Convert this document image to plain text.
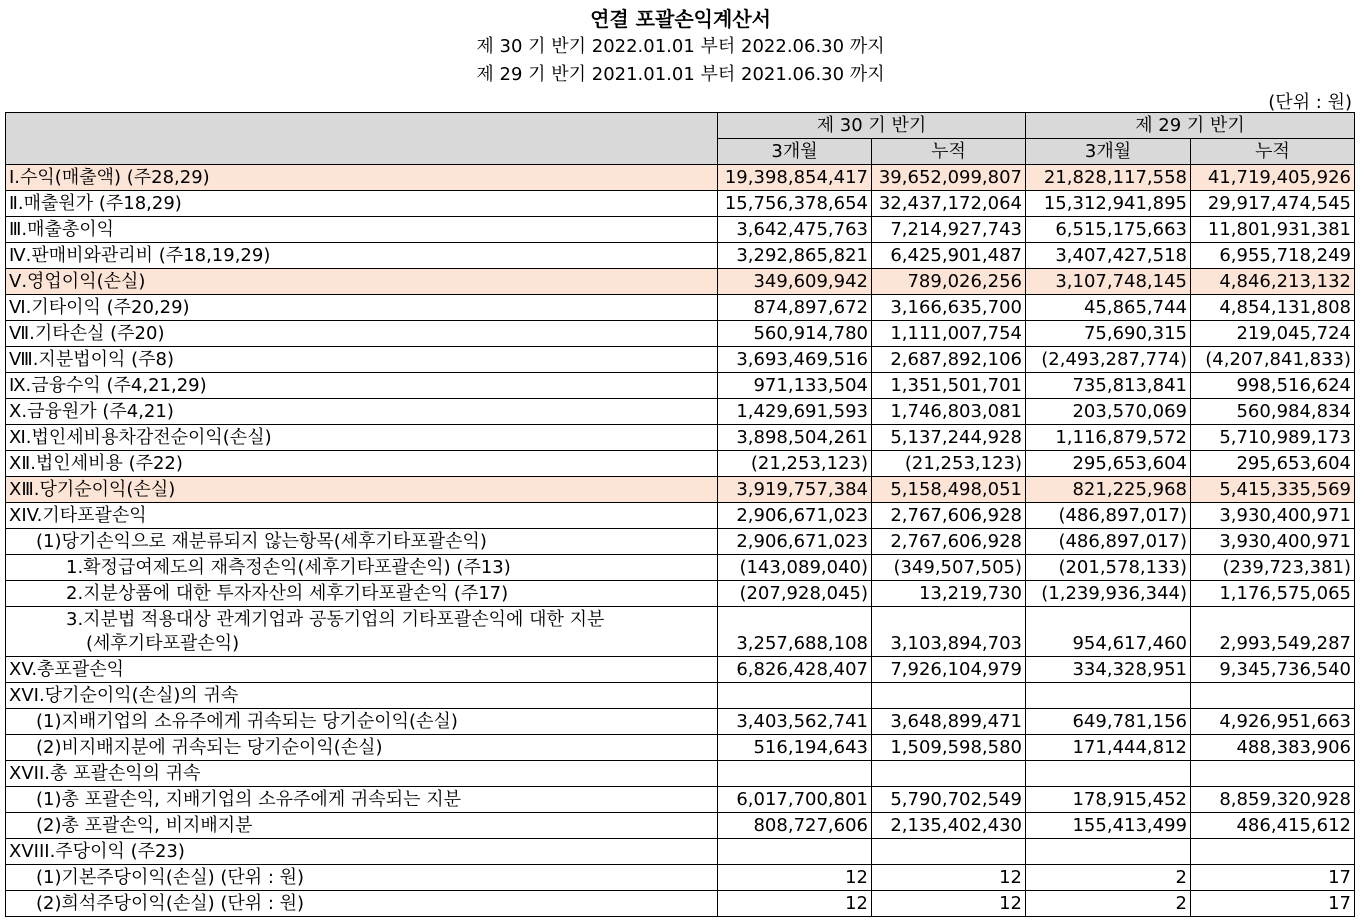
연결 포괄손익계산서
제 30 기 반기 2022.01.01 부터 2022.06.30 까지
제 29 기 반기 2021.01.01 부터 2021.06.30 까지
(단위 : 원)
	제 30 기 반기		제 29 기 반기	
	3개월	누적	3개월	누적
Ⅰ.수익(매출액) (주28,29)	19,398,854,417	39,652,099,807	21,828,117,558	41,719,405,926
Ⅱ.매출원가 (주18,29)	15,756,378,654	32,437,172,064	15,312,941,895	29,917,474,545
Ⅲ.매출총이익	3,642,475,763	7,214,927,743	6,515,175,663	11,801,931,381
Ⅳ.판매비와관리비 (주18,19,29)	3,292,865,821	6,425,901,487	3,407,427,518	6,955,718,249
Ⅴ.영업이익(손실)	349,609,942	789,026,256	3,107,748,145	4,846,213,132
Ⅵ.기타이익 (주20,29)	874,897,672	3,166,635,700	45,865,744	4,854,131,808
Ⅶ.기타손실 (주20)	560,914,780	1,111,007,754	75,690,315	219,045,724
Ⅷ.지분법이익 (주8)	3,693,469,516	2,687,892,106	(2,493,287,774)	(4,207,841,833)
Ⅸ.금융수익 (주4,21,29)	971,133,504	1,351,501,701	735,813,841	998,516,624
Ⅹ.금융원가 (주4,21)	1,429,691,593	1,746,803,081	203,570,069	560,984,834
Ⅺ.법인세비용차감전순이익(손실)	3,898,504,261	5,137,244,928	1,116,879,572	5,710,989,173
ⅩⅡ.법인세비용 (주22)	(21,253,123)	(21,253,123)	295,653,604	295,653,604
ⅩⅢ.당기순이익(손실)	3,919,757,384	5,158,498,051	821,225,968	5,415,335,569
XIV.기타포괄손익	2,906,671,023	2,767,606,928	(486,897,017)	3,930,400,971
(1)당기손익으로 재분류되지 않는항목(세후기타포괄손익)	2,906,671,023	2,767,606,928	(486,897,017)	3,930,400,971
1.확정급여제도의 재측정손익(세후기타포괄손익) (주13)	(143,089,040)	(349,507,505)	(201,578,133)	(239,723,381)
2.지분상품에 대한 투자자산의 세후기타포괄손익 (주17)	(207,928,045)	13,219,730	(1,239,936,344)	1,176,575,065

3.지분법 적용대상 관계기업과 공동기업의 기타포괄손익에 대한 지분
(세후기타포괄손익)	3,257,688,108	3,103,894,703	954,617,460	2,993,549,287
XV.총포괄손익	6,826,428,407	7,926,104,979	334,328,951	9,345,736,540
XVI.당기순이익(손실)의 귀속				
(1)지배기업의 소유주에게 귀속되는 당기순이익(손실)	3,403,562,741	3,648,899,471	649,781,156	4,926,951,663
(2)비지배지분에 귀속되는 당기순이익(손실)	516,194,643	1,509,598,580	171,444,812	488,383,906
XVII.총 포괄손익의 귀속				
(1)총 포괄손익, 지배기업의 소유주에게 귀속되는 지분	6,017,700,801	5,790,702,549	178,915,452	8,859,320,928
(2)총 포괄손익, 비지배지분	808,727,606	2,135,402,430	155,413,499	486,415,612
XVIII.주당이익 (주23)				
(1)기본주당이익(손실) (단위 : 원)	12	12	2	17
(2)희석주당이익(손실) (단위 : 원)	12	12	2	17
